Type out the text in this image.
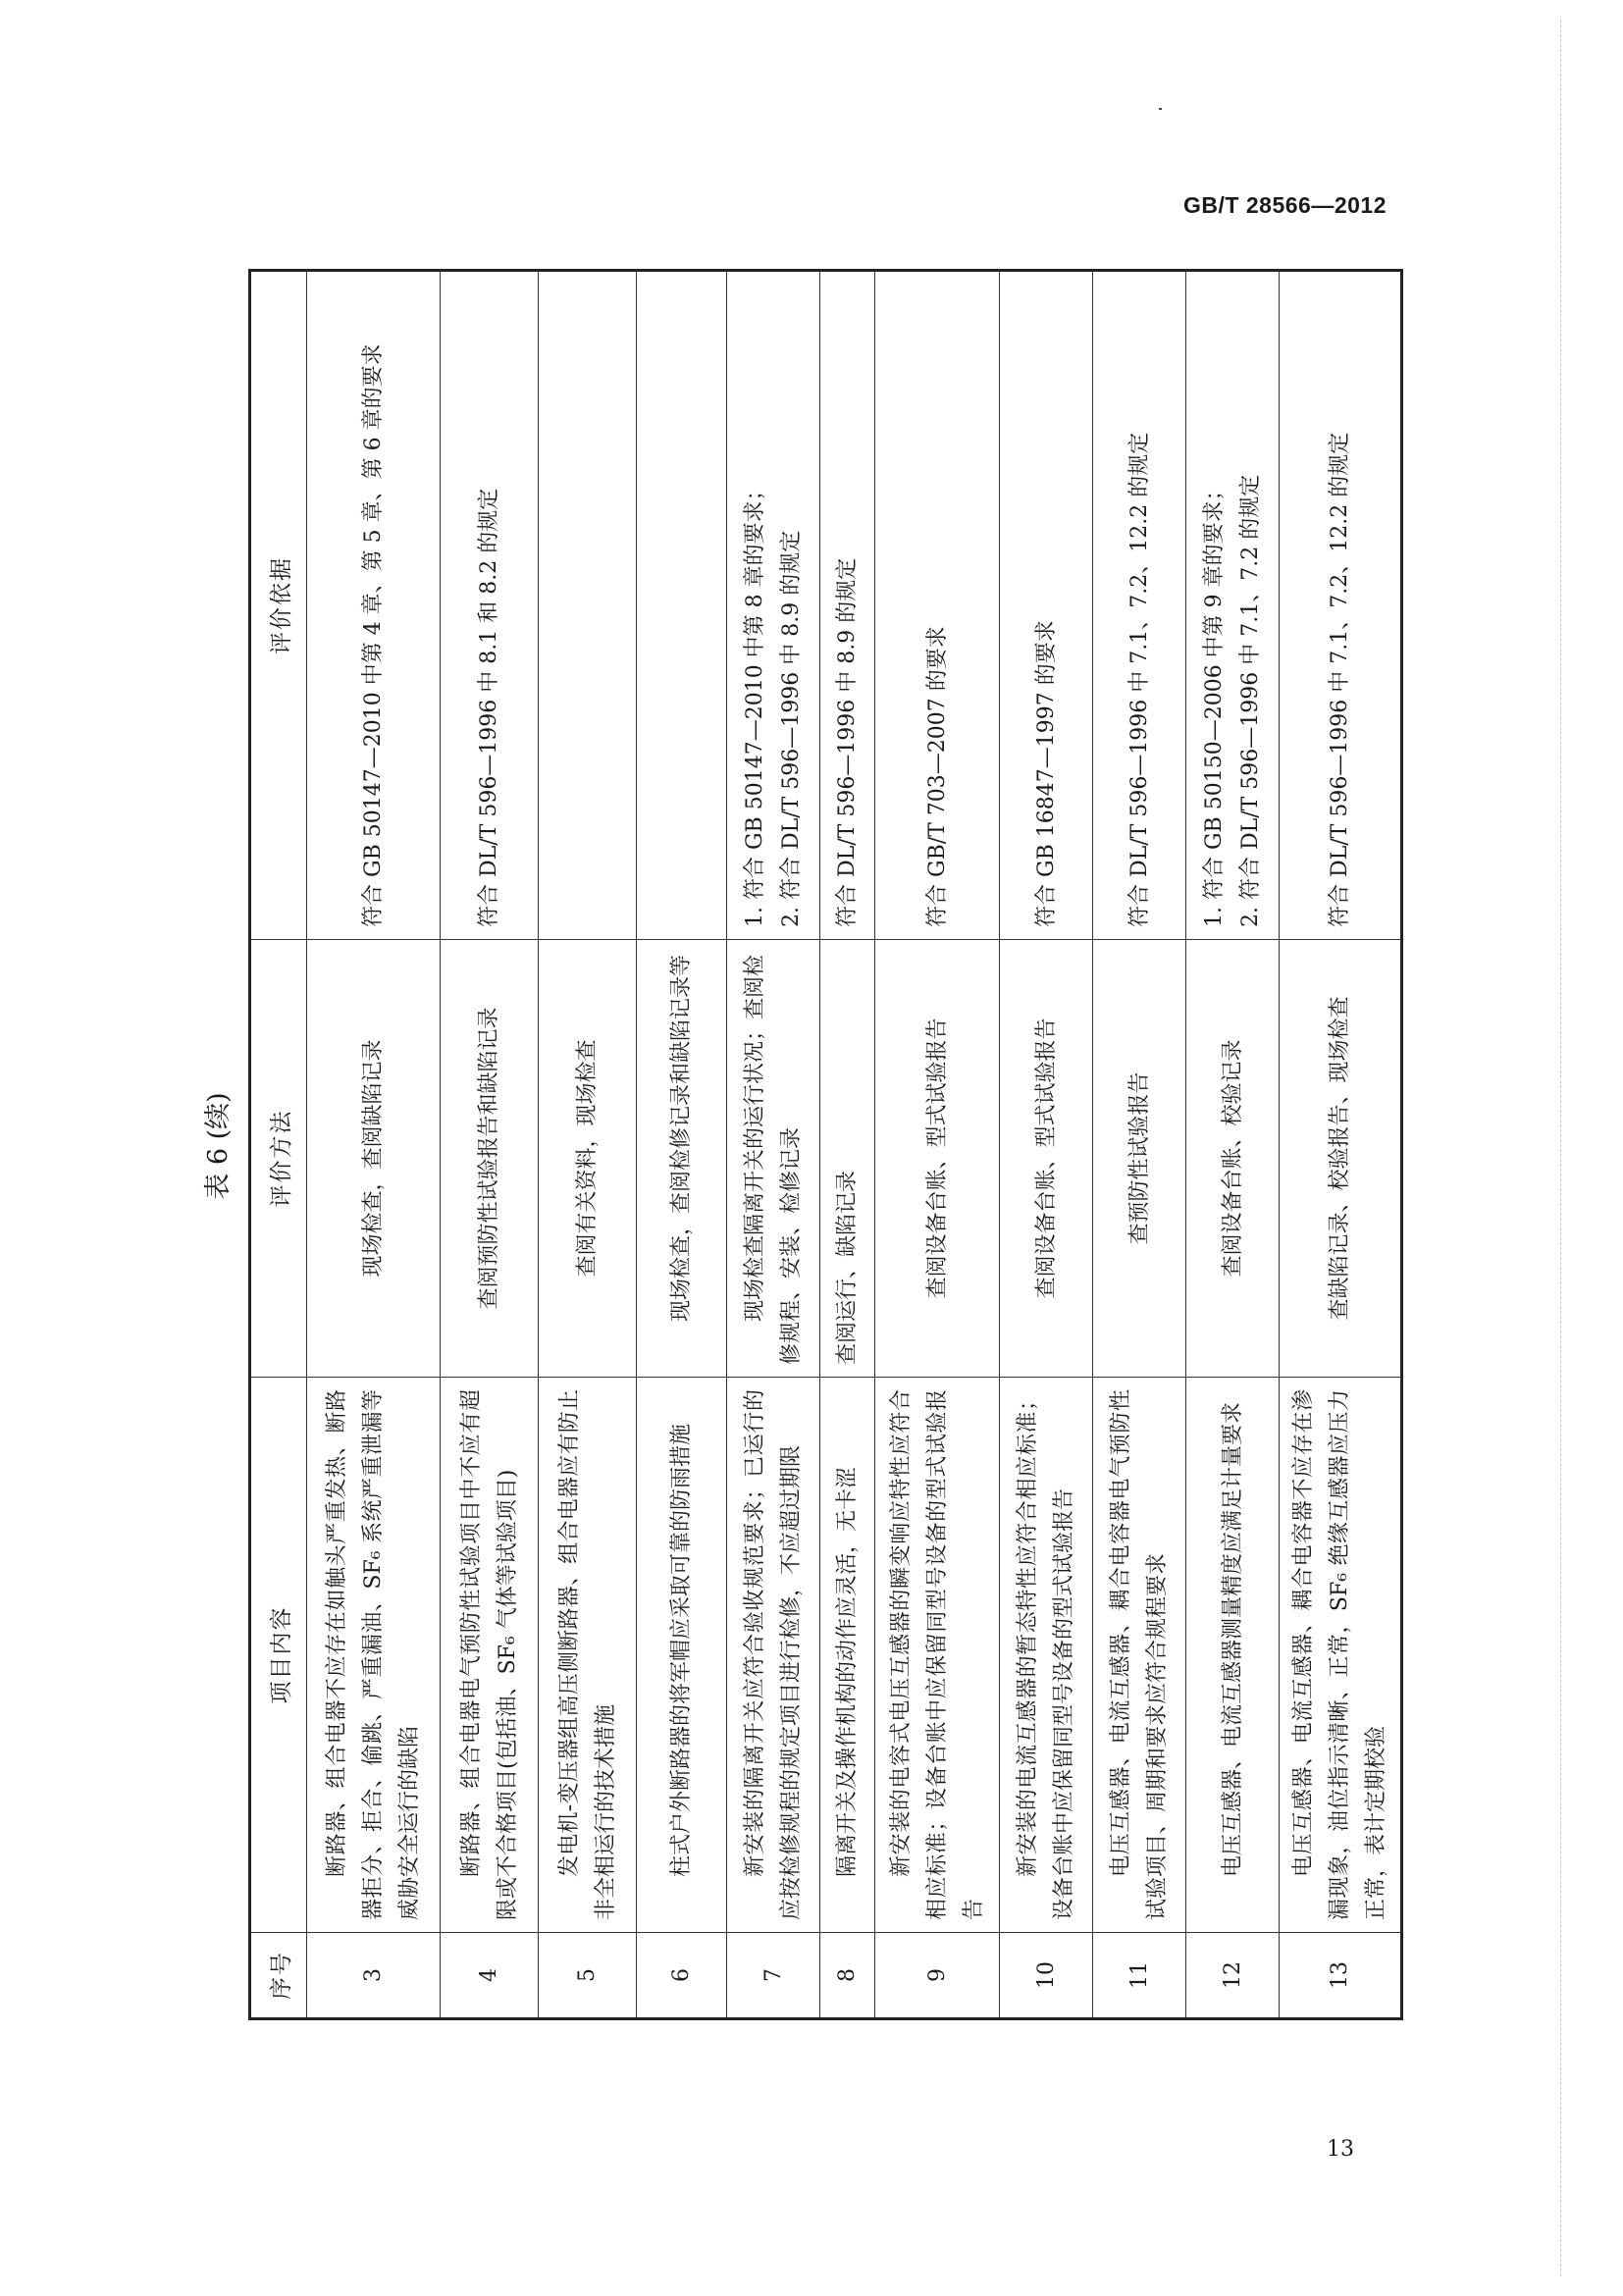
GB/T 28566—2012
表 6 (续)
序号	项目内容	评价方法	评价依据
3	断路器、组合电器不应存在如触头严重发热、断路器拒分、拒合、偷跳、严重漏油、SF₆ 系统严重泄漏等威胁安全运行的缺陷	现场检查，查阅缺陷记录	符合 GB 50147—2010 中第 4 章、第 5 章、第 6 章的要求

4	断路器、组合电器电气预防性试验项目中不应有超限或不合格项目(包括油、SF₆ 气体等试验项目)	查阅预防性试验报告和缺陷记录	符合 DL/T 596—1996 中 8.1 和 8.2 的规定

5	发电机-变压器组高压侧断路器、组合电器应有防止非全相运行的技术措施	查阅有关资料，现场检查	
6	柱式户外断路器的将军帽应采取可靠的防雨措施	现场检查，查阅检修记录和缺陷记录等	
7	新安装的隔离开关应符合验收规范要求；已运行的应按检修规程的规定项目进行检修，不应超过期限	现场检查隔离开关的运行状况；查阅检修规程、安装、检修记录	1. 符合 GB 50147—2010 中第 8 章的要求； 2. 符合 DL/T 596—1996 中 8.9 的规定

8	隔离开关及操作机构的动作应灵活，无卡涩	查阅运行、缺陷记录	符合 DL/T 596—1996 中 8.9 的规定

9	新安装的电容式电压互感器的瞬变响应特性应符合相应标准；设备台账中应保留同型号设备的型式试验报告	查阅设备台账、型式试验报告	符合 GB/T 703—2007 的要求

10	新安装的电流互感器的暂态特性应符合相应标准；设备台账中应保留同型号设备的型式试验报告	查阅设备台账、型式试验报告	符合 GB 16847—1997 的要求

11	电压互感器、电流互感器、耦合电容器电气预防性试验项目、周期和要求应符合规程要求	查预防性试验报告	符合 DL/T 596—1996 中 7.1、7.2、12.2 的规定

12	电压互感器、电流互感器测量精度应满足计量要求	查阅设备台账、校验记录	1. 符合 GB 50150—2006 中第 9 章的要求； 2. 符合 DL/T 596—1996 中 7.1、7.2 的规定

13	电压互感器、电流互感器、耦合电容器不应存在渗漏现象，油位指示清晰、正常，SF₆ 绝缘互感器应压力正常，表计定期校验	查缺陷记录、校验报告、现场检查	符合 DL/T 596—1996 中 7.1、7.2、12.2 的规定
13
